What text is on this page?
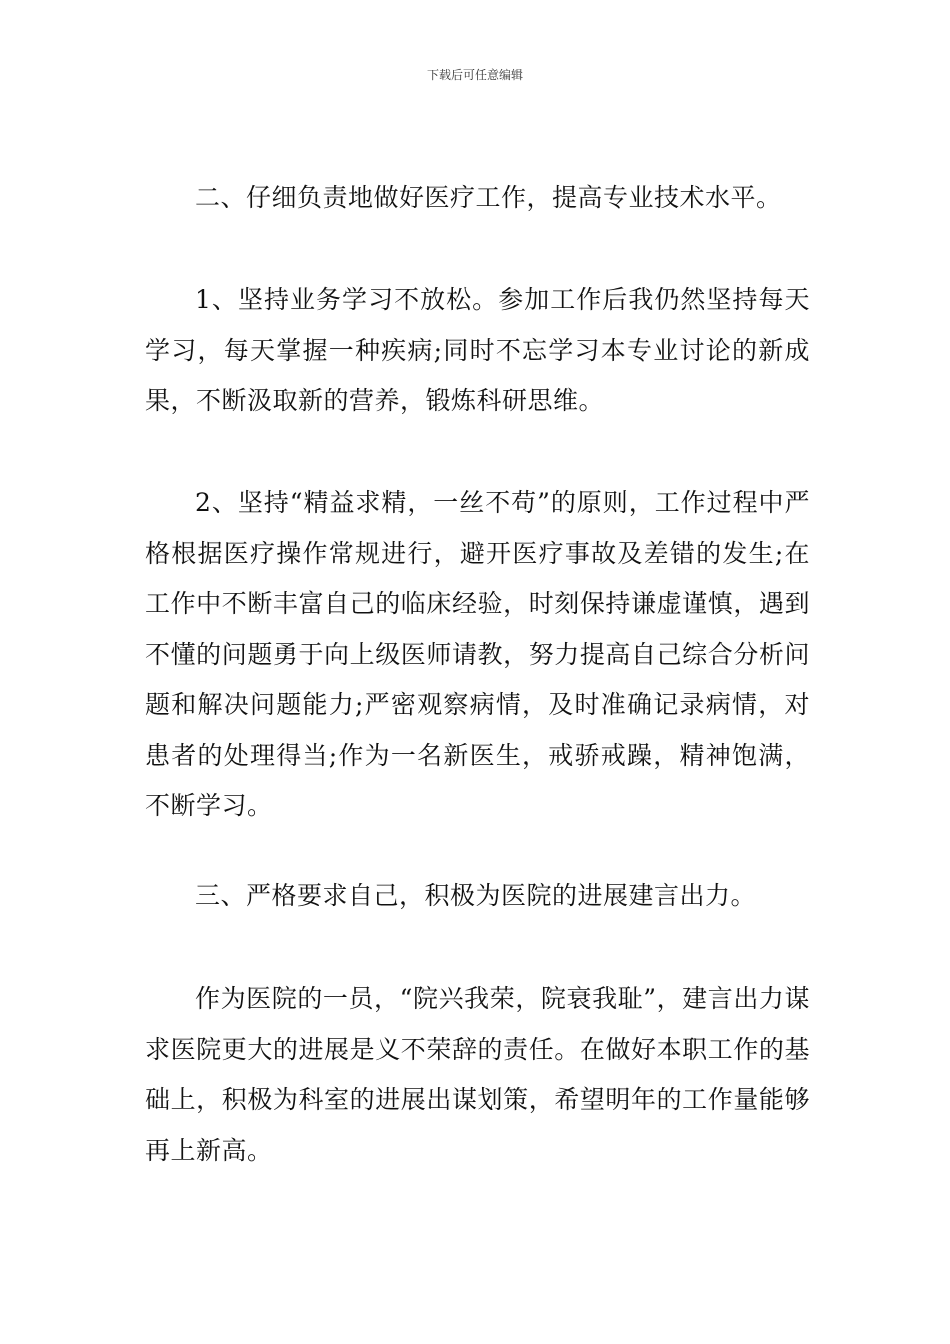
下载后可任意编辑

二、仔细负责地做好医疗工作，提高专业技术水平。

1、坚持业务学习不放松。参加工作后我仍然坚持每天学习，每天掌握一种疾病;同时不忘学习本专业讨论的新成果，不断汲取新的营养，锻炼科研思维。

2、坚持“精益求精，一丝不苟”的原则，工作过程中严格根据医疗操作常规进行，避开医疗事故及差错的发生;在工作中不断丰富自己的临床经验，时刻保持谦虚谨慎，遇到不懂的问题勇于向上级医师请教，努力提高自己综合分析问题和解决问题能力;严密观察病情，及时准确记录病情，对患者的处理得当;作为一名新医生，戒骄戒躁，精神饱满，不断学习。

三、严格要求自己，积极为医院的进展建言出力。

作为医院的一员，“院兴我荣，院衰我耻”，建言出力谋求医院更大的进展是义不荣辞的责任。在做好本职工作的基础上，积极为科室的进展出谋划策，希望明年的工作量能够再上新高。
